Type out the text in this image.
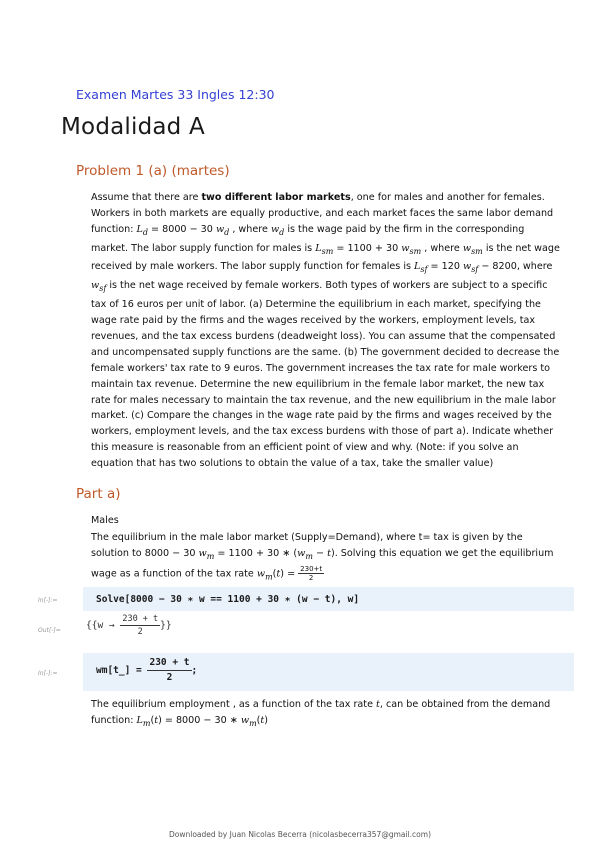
Examen Martes 33 Ingles 12:30
Modalidad A
Problem 1 (a) (martes)
Assume that there are two different labor markets, one for males and another for females. Workers in both markets are equally productive, and each market faces the same labor demand function: $L_d = 8000 - 30$ $w_d$ , where $w_d$ is the wage paid by the firm in the corresponding market. The labor supply function for males is $L_{sm} = 1100 + 30$ $w_{sm}$ , where $w_{sm}$ is the net wage received by male workers. The labor supply function for females is $L_{sf} = 120$ $w_{sf} - 8200$, where $w_{sf}$ is the net wage received by female workers. Both types of workers are subject to a specific tax of 16 euros per unit of labor. (a) Determine the equilibrium in each market, specifying the wage rate paid by the firms and the wages received by the workers, employment levels, tax revenues, and the tax excess burdens (deadweight loss). You can assume that the compensated and uncompensated supply functions are the same. (b) The government decided to decrease the female workers' tax rate to 9 euros. The government increases the tax rate for male workers to maintain tax revenue. Determine the new equilibrium in the female labor market, the new tax rate for males necessary to maintain the tax revenue, and the new equilibrium in the male labor market. (c) Compare the changes in the wage rate paid by the firms and wages received by the workers, employment levels, and the tax excess burdens with those of part a). Indicate whether this measure is reasonable from an efficient point of view and why. (Note: if you solve an equation that has two solutions to obtain the value of a tax, take the smaller value)
Part a)
Males
The equilibrium in the male labor market (Supply=Demand), where t= tax is given by the solution to 8000 − 30 $w_m = 1100 + 30$ ∗ $(w_m - t)$. Solving this equation we get the equilibrium wage as a function of the tax rate $w_m(t) = \frac{230+t}{2}$
In[-]:=	Solve[8000 − 30 ∗ w == 1100 + 30 ∗ (w − t), w]
Out[-]=	{{$w \to \frac{230 + t}{2}$ }}
In[-]:=	wm[t_] = $\frac{230 + t}{2}$ ;
The equilibrium employment , as a function of the tax rate t, can be obtained from the demand function: $L_m(t) = 8000 - 30$ ∗ $w_m(t)$
Downloaded by Juan Nicolas Becerra (nicolasbecerra357@gmail.com)
